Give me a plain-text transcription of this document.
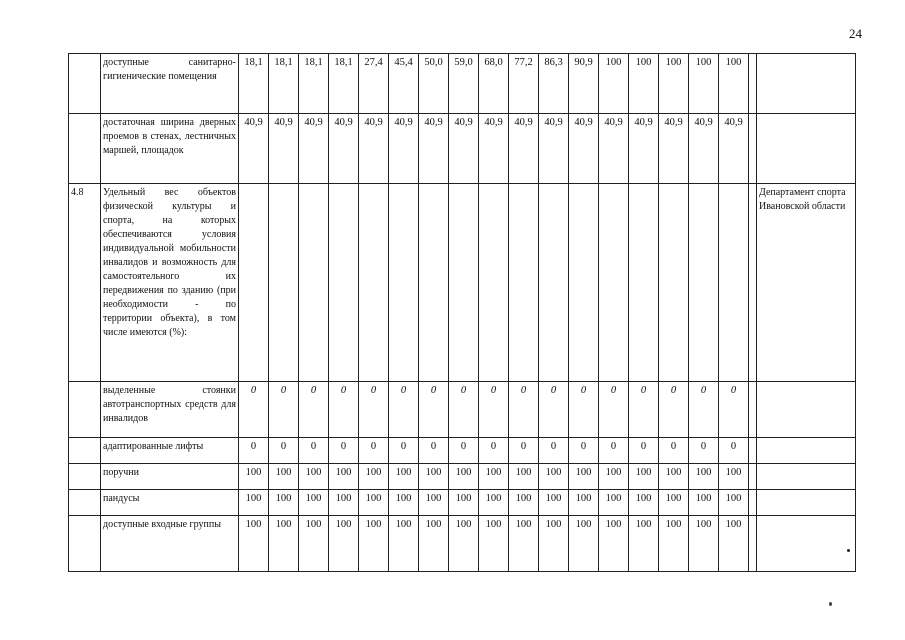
24
	доступные санитарно-гигиенические помещения	18,1	18,1	18,1	18,1	27,4	45,4	50,0	59,0	68,0	77,2	86,3	90,9	100	100	100	100	100		
	достаточная ширина дверных проемов в стенах, лестничных маршей, площадок	40,9	40,9	40,9	40,9	40,9	40,9	40,9	40,9	40,9	40,9	40,9	40,9	40,9	40,9	40,9	40,9	40,9		
4.8	Удельный вес объектов физической культуры и спорта, на которых обеспечиваются условия индивидуальной мобильности инвалидов и возможность для самостоятельного их передвижения по зданию (при необходимости - по территории объекта), в том числе имеются (%):																			Департамент спорта Ивановской области
	выделенные стоянки автотранспортных средств для инвалидов	0	0	0	0	0	0	0	0	0	0	0	0	0	0	0	0	0		
	адаптированные лифты	0	0	0	0	0	0	0	0	0	0	0	0	0	0	0	0	0		
	поручни	100	100	100	100	100	100	100	100	100	100	100	100	100	100	100	100	100		
	пандусы	100	100	100	100	100	100	100	100	100	100	100	100	100	100	100	100	100		
	доступные входные группы	100	100	100	100	100	100	100	100	100	100	100	100	100	100	100	100	100		
